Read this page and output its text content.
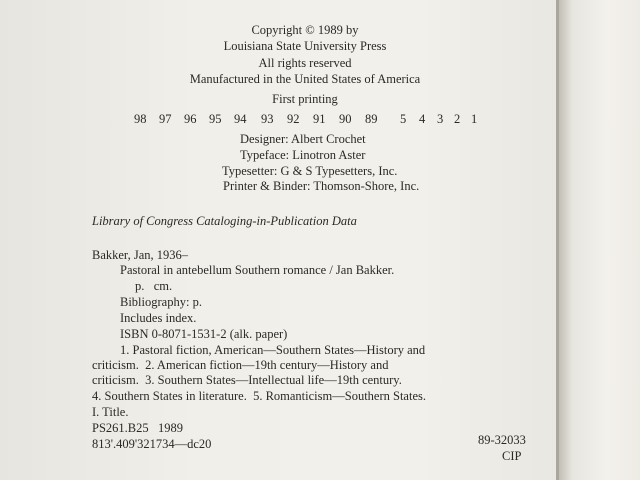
Copyright © 1989 by
Louisiana State University Press
All rights reserved
Manufactured in the United States of America
First printing
98 97 96 95 94 93 92 91 90 89 5 4 3 2 1
Designer: Albert Crochet
Typeface: Linotron Aster
Typesetter: G & S Typesetters, Inc.
Printer & Binder: Thomson-Shore, Inc.
Library of Congress Cataloging-in-Publication Data
Bakker, Jan, 1936–
Pastoral in antebellum Southern romance / Jan Bakker.
p.   cm.
Bibliography: p.
Includes index.
ISBN 0-8071-1531-2 (alk. paper)
1. Pastoral fiction, American—Southern States—History and
criticism.  2. American fiction—19th century—History and
criticism.  3. Southern States—Intellectual life—19th century.
4. Southern States in literature.  5. Romanticism—Southern States.
I. Title.
PS261.B25   1989
813'.409'321734—dc20	89-32033
CIP
